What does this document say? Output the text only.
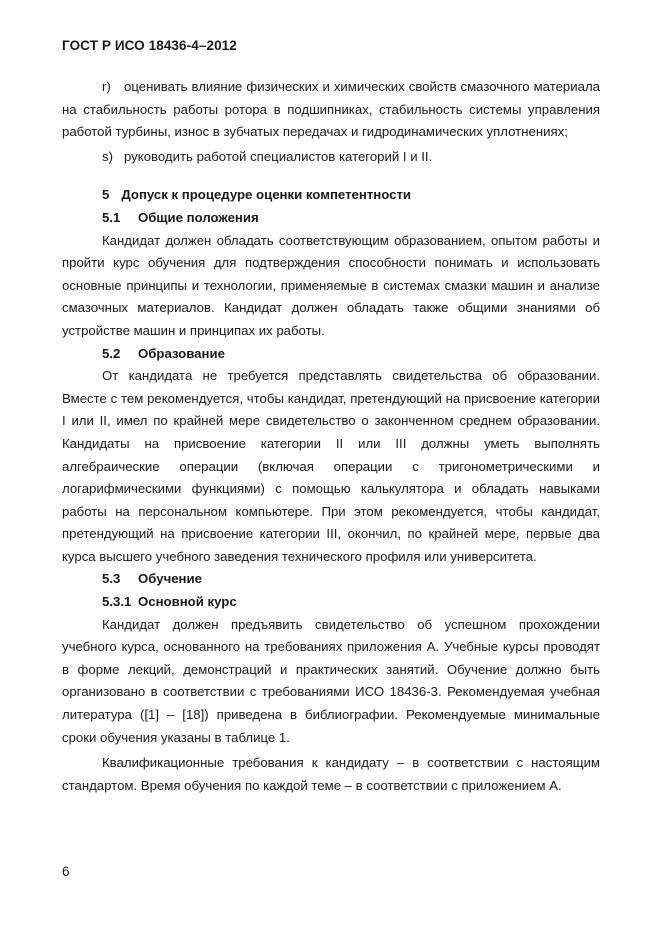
ГОСТ Р ИСО 18436-4–2012

r) оценивать влияние физических и химических свойств смазочного материала на стабильность работы ротора в подшипниках, стабильность системы управления работой турбины, износ в зубчатых передачах и гидродинамических уплотнениях;

s) руководить работой специалистов категорий I и II.

5 Допуск к процедуре оценки компетентности

5.1 Общие положения

Кандидат должен обладать соответствующим образованием, опытом работы и пройти курс обучения для подтверждения способности понимать и использовать основные принципы и технологии, применяемые в системах смазки машин и анализе смазочных материалов. Кандидат должен обладать также общими знаниями об устройстве машин и принципах их работы.

5.2 Образование

От кандидата не требуется представлять свидетельства об образовании. Вместе с тем рекомендуется, чтобы кандидат, претендующий на присвоение категории I или II, имел по крайней мере свидетельство о законченном среднем образовании. Кандидаты на присвоение категории II или III должны уметь выполнять алгебраические операции (включая операции с тригонометрическими и логарифмическими функциями) с помощью калькулятора и обладать навыками работы на персональном компьютере. При этом рекомендуется, чтобы кандидат, претендующий на присвоение категории III, окончил, по крайней мере, первые два курса высшего учебного заведения технического профиля или университета.

5.3 Обучение

5.3.1 Основной курс

Кандидат должен предъявить свидетельство об успешном прохождении учебного курса, основанного на требованиях приложения А. Учебные курсы проводят в форме лекций, демонстраций и практических занятий. Обучение должно быть организовано в соответствии с требованиями ИСО 18436-3. Рекомендуемая учебная литература ([1] – [18]) приведена в библиографии. Рекомендуемые минимальные сроки обучения указаны в таблице 1.

Квалификационные требования к кандидату – в соответствии с настоящим стандартом. Время обучения по каждой теме – в соответствии с приложением А.

6
